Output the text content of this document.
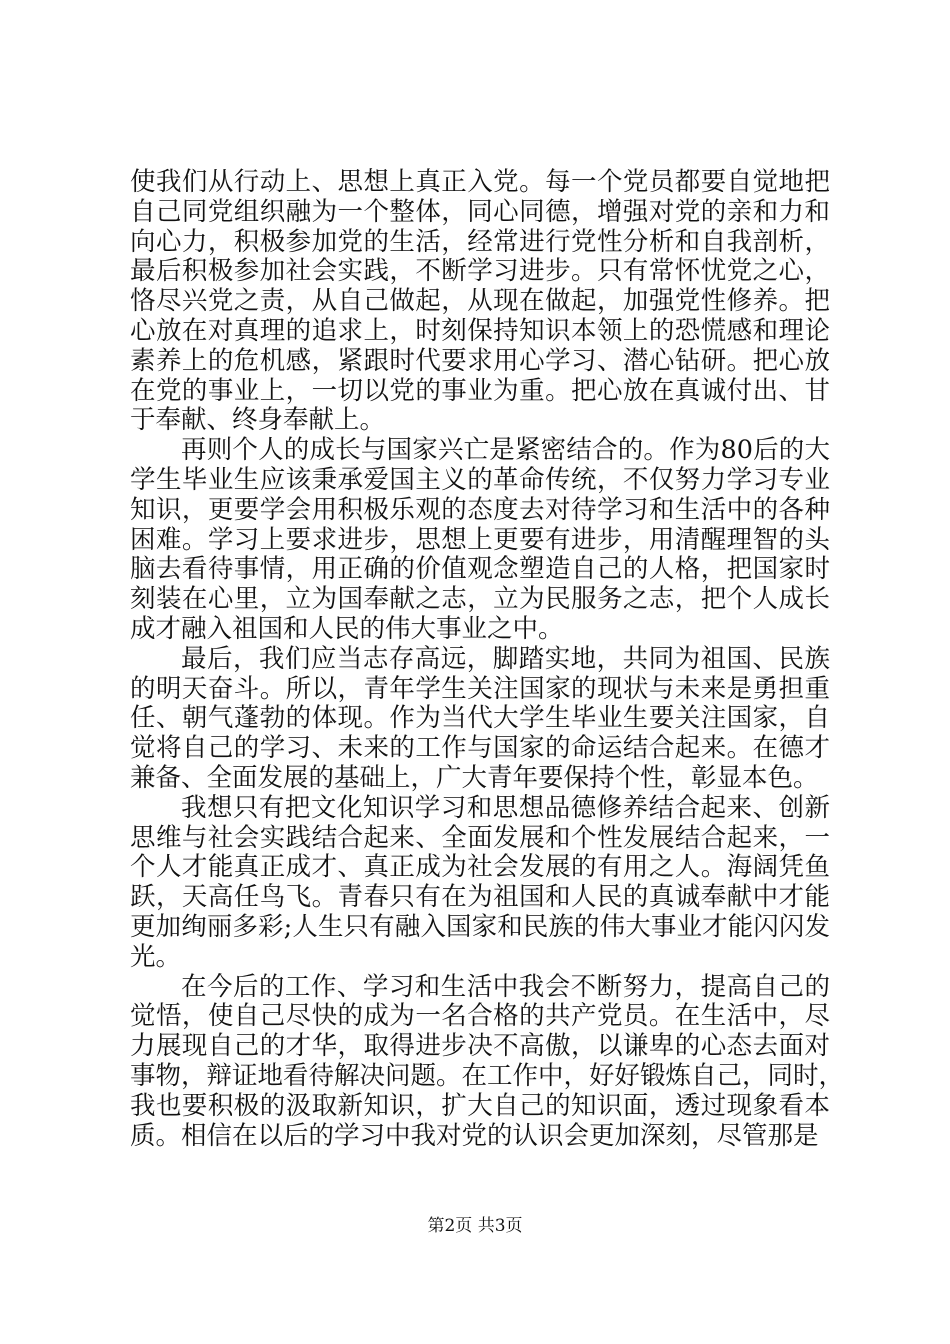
使我们从行动上、思想上真正入党。每一个党员都要自觉地把
自己同党组织融为一个整体，同心同德，增强对党的亲和力和
向心力，积极参加党的生活，经常进行党性分析和自我剖析，
最后积极参加社会实践，不断学习进步。只有常怀忧党之心，
恪尽兴党之责，从自己做起，从现在做起，加强党性修养。把
心放在对真理的追求上，时刻保持知识本领上的恐慌感和理论
素养上的危机感，紧跟时代要求用心学习、潜心钻研。把心放
在党的事业上，一切以党的事业为重。把心放在真诚付出、甘
于奉献、终身奉献上。
再则个人的成长与国家兴亡是紧密结合的。作为80后的大
学生毕业生应该秉承爱国主义的革命传统，不仅努力学习专业
知识，更要学会用积极乐观的态度去对待学习和生活中的各种
困难。学习上要求进步，思想上更要有进步，用清醒理智的头
脑去看待事情，用正确的价值观念塑造自己的人格，把国家时
刻装在心里，立为国奉献之志，立为民服务之志，把个人成长
成才融入祖国和人民的伟大事业之中。
最后，我们应当志存高远，脚踏实地，共同为祖国、民族
的明天奋斗。所以，青年学生关注国家的现状与未来是勇担重
任、朝气蓬勃的体现。作为当代大学生毕业生要关注国家，自
觉将自己的学习、未来的工作与国家的命运结合起来。在德才
兼备、全面发展的基础上，广大青年要保持个性，彰显本色。
我想只有把文化知识学习和思想品德修养结合起来、创新
思维与社会实践结合起来、全面发展和个性发展结合起来，一
个人才能真正成才、真正成为社会发展的有用之人。海阔凭鱼
跃，天高任鸟飞。青春只有在为祖国和人民的真诚奉献中才能
更加绚丽多彩;人生只有融入国家和民族的伟大事业才能闪闪发
光。
在今后的工作、学习和生活中我会不断努力，提高自己的
觉悟，使自己尽快的成为一名合格的共产党员。在生活中，尽
力展现自己的才华，取得进步决不高傲，以谦卑的心态去面对
事物，辩证地看待解决问题。在工作中，好好锻炼自己，同时，
我也要积极的汲取新知识，扩大自己的知识面，透过现象看本
质。相信在以后的学习中我对党的认识会更加深刻，尽管那是
第2页 共3页
